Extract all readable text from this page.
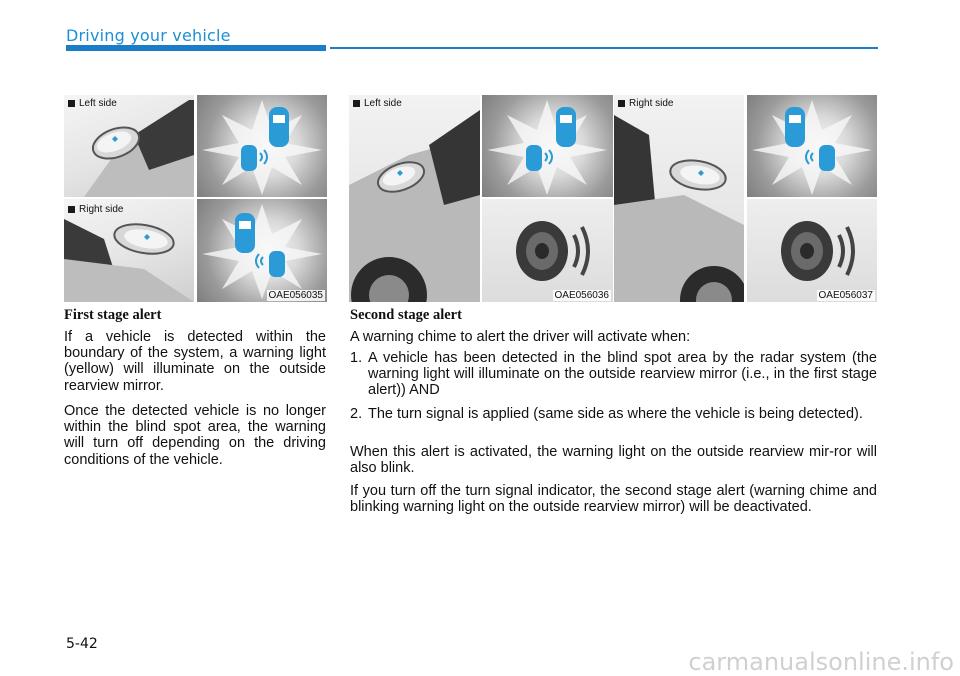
Driving your vehicle
Left side
Right side
OAE056035
Left side
OAE056036
Right side
OAE056037
First stage alert
If a vehicle is detected within the boundary of the system, a warning light (yellow) will illuminate on the outside rearview mirror.
Once the detected vehicle is no longer within the blind spot area, the warning will turn off depending on the driving conditions of the vehicle.
Second stage alert
A warning chime to alert the driver will activate when:
1. A vehicle has been detected in the blind spot area by the radar system (the warning light will illuminate on the outside rearview mirror (i.e., in the first stage alert)) AND
2. The turn signal is applied (same side as where the vehicle is being detected).
When this alert is activated, the warning light on the outside rearview mir-ror will also blink.
If you turn off the turn signal indicator, the second stage alert (warning chime and blinking warning light on the outside rearview mirror) will be deactivated.
5-42
carmanualsonline.info
